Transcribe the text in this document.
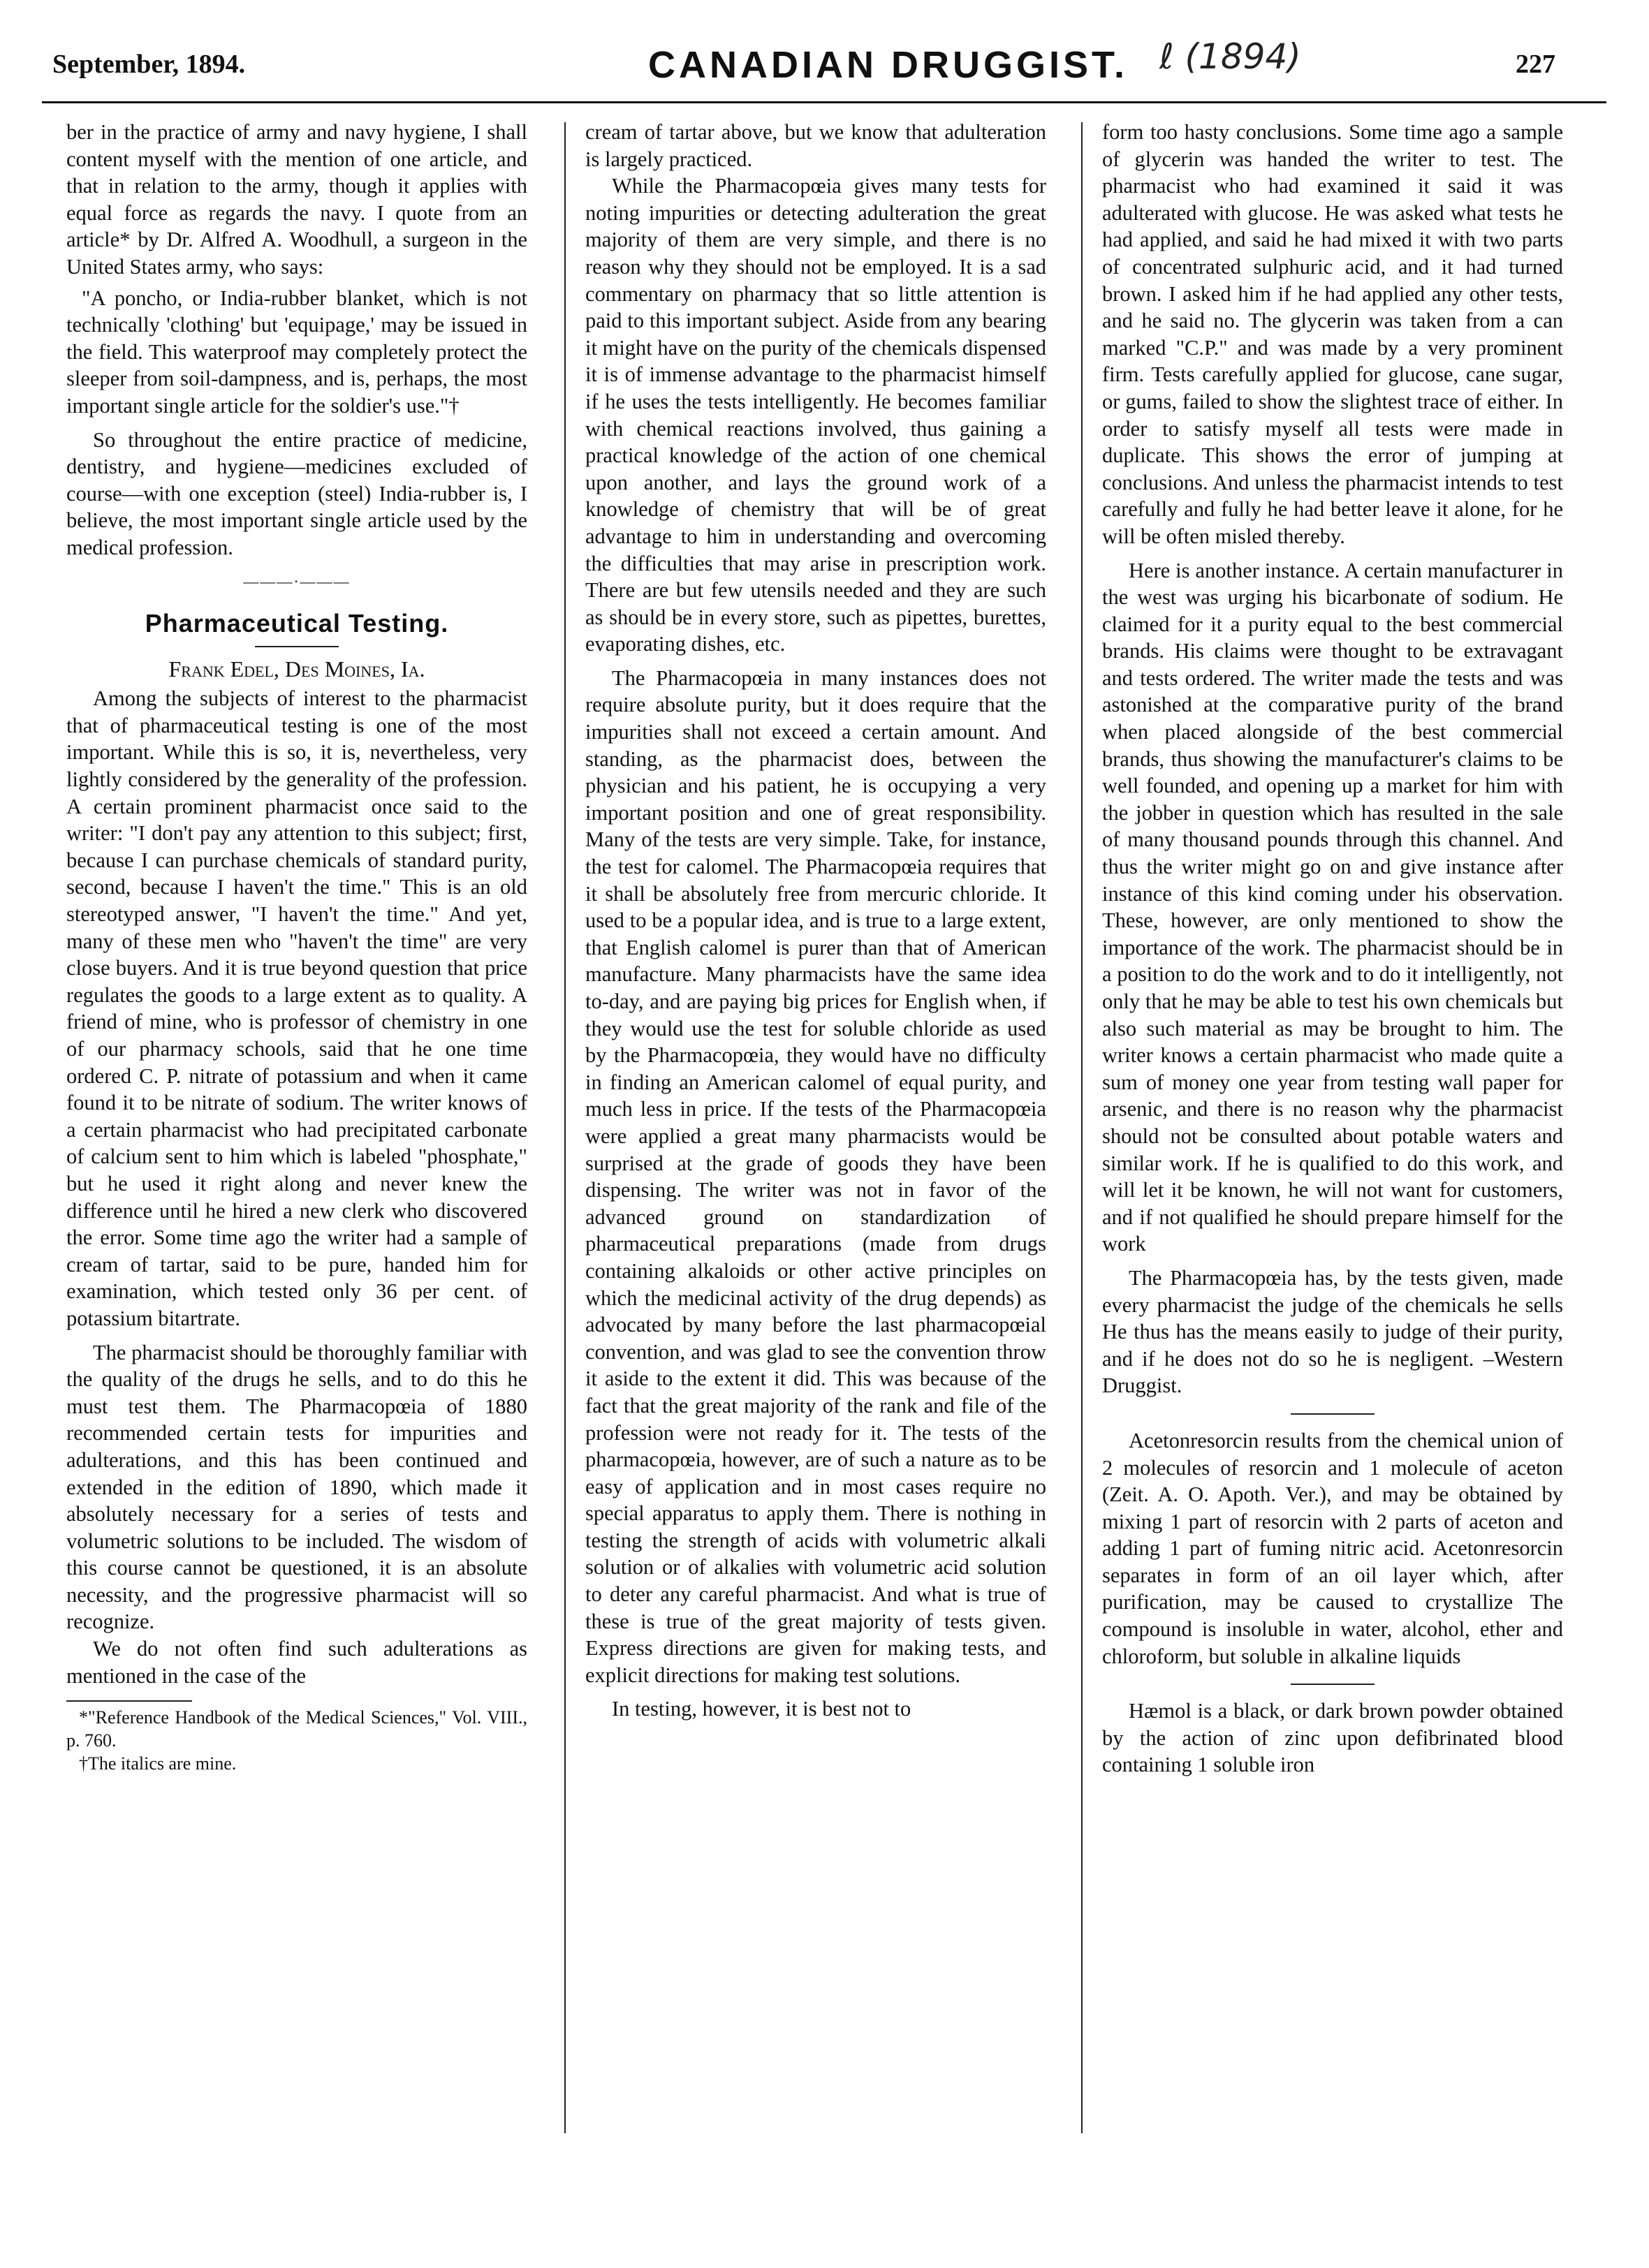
September, 1894.	CANADIAN DRUGGIST. ℓ (1894)	227

ber in the practice of army and navy hygiene, I shall content myself with the mention of one article, and that in relation to the army, though it applies with equal force as regards the navy. I quote from an article* by Dr. Alfred A. Woodhull, a surgeon in the United States army, who says:

"A poncho, or India-rubber blanket, which is not technically 'clothing' but 'equipage,' may be issued in the field. This waterproof may completely protect the sleeper from soil-dampness, and is, perhaps, the most important single article for the soldier's use."†

So throughout the entire practice of medicine, dentistry, and hygiene—medicines excluded of course—with one exception (steel) India-rubber is, I believe, the most important single article used by the medical profession.

———·———
Pharmaceutical Testing.
Frank Edel, Des Moines, Ia.

Among the subjects of interest to the pharmacist that of pharmaceutical testing is one of the most important. While this is so, it is, nevertheless, very lightly considered by the generality of the profession. A certain prominent pharmacist once said to the writer: "I don't pay any attention to this subject; first, because I can purchase chemicals of standard purity, second, because I haven't the time." This is an old stereotyped answer, "I haven't the time." And yet, many of these men who "haven't the time" are very close buyers. And it is true beyond question that price regulates the goods to a large extent as to quality. A friend of mine, who is professor of chemistry in one of our pharmacy schools, said that he one time ordered C. P. nitrate of potassium and when it came found it to be nitrate of sodium. The writer knows of a certain pharmacist who had precipitated carbonate of calcium sent to him which is labeled "phosphate," but he used it right along and never knew the difference until he hired a new clerk who discovered the error. Some time ago the writer had a sample of cream of tartar, said to be pure, handed him for examination, which tested only 36 per cent. of potassium bitartrate.

The pharmacist should be thoroughly familiar with the quality of the drugs he sells, and to do this he must test them. The Pharmacopœia of 1880 recommended certain tests for impurities and adulterations, and this has been continued and extended in the edition of 1890, which made it absolutely necessary for a series of tests and volumetric solutions to be included. The wisdom of this course cannot be questioned, it is an absolute necessity, and the progressive pharmacist will so recognize.

We do not often find such adulterations as mentioned in the case of the

*"Reference Handbook of the Medical Sciences," Vol. VIII., p. 760.

†The italics are mine.

cream of tartar above, but we know that adulteration is largely practiced.

While the Pharmacopœia gives many tests for noting impurities or detecting adulteration the great majority of them are very simple, and there is no reason why they should not be employed. It is a sad commentary on pharmacy that so little attention is paid to this important subject. Aside from any bearing it might have on the purity of the chemicals dispensed it is of immense advantage to the pharmacist himself if he uses the tests intelligently. He becomes familiar with chemical reactions involved, thus gaining a practical knowledge of the action of one chemical upon another, and lays the ground work of a knowledge of chemistry that will be of great advantage to him in understanding and overcoming the difficulties that may arise in prescription work. There are but few utensils needed and they are such as should be in every store, such as pipettes, burettes, evaporating dishes, etc.

The Pharmacopœia in many instances does not require absolute purity, but it does require that the impurities shall not exceed a certain amount. And standing, as the pharmacist does, between the physician and his patient, he is occupying a very important position and one of great responsibility. Many of the tests are very simple. Take, for instance, the test for calomel. The Pharmacopœia requires that it shall be absolutely free from mercuric chloride. It used to be a popular idea, and is true to a large extent, that English calomel is purer than that of American manufacture. Many pharmacists have the same idea to-day, and are paying big prices for English when, if they would use the test for soluble chloride as used by the Pharmacopœia, they would have no difficulty in finding an American calomel of equal purity, and much less in price. If the tests of the Pharmacopœia were applied a great many pharmacists would be surprised at the grade of goods they have been dispensing. The writer was not in favor of the advanced ground on standardization of pharmaceutical preparations (made from drugs containing alkaloids or other active principles on which the medicinal activity of the drug depends) as advocated by many before the last pharmacopœial convention, and was glad to see the convention throw it aside to the extent it did. This was because of the fact that the great majority of the rank and file of the profession were not ready for it. The tests of the pharmacopœia, however, are of such a nature as to be easy of application and in most cases require no special apparatus to apply them. There is nothing in testing the strength of acids with volumetric alkali solution or of alkalies with volumetric acid solution to deter any careful pharmacist. And what is true of these is true of the great majority of tests given. Express directions are given for making tests, and explicit directions for making test solutions.

In testing, however, it is best not to

form too hasty conclusions. Some time ago a sample of glycerin was handed the writer to test. The pharmacist who had examined it said it was adulterated with glucose. He was asked what tests he had applied, and said he had mixed it with two parts of concentrated sulphuric acid, and it had turned brown. I asked him if he had applied any other tests, and he said no. The glycerin was taken from a can marked "C.P." and was made by a very prominent firm. Tests carefully applied for glucose, cane sugar, or gums, failed to show the slightest trace of either. In order to satisfy myself all tests were made in duplicate. This shows the error of jumping at conclusions. And unless the pharmacist intends to test carefully and fully he had better leave it alone, for he will be often misled thereby.

Here is another instance. A certain manufacturer in the west was urging his bicarbonate of sodium. He claimed for it a purity equal to the best commercial brands. His claims were thought to be extravagant and tests ordered. The writer made the tests and was astonished at the comparative purity of the brand when placed alongside of the best commercial brands, thus showing the manufacturer's claims to be well founded, and opening up a market for him with the jobber in question which has resulted in the sale of many thousand pounds through this channel. And thus the writer might go on and give instance after instance of this kind coming under his observation. These, however, are only mentioned to show the importance of the work. The pharmacist should be in a position to do the work and to do it intelligently, not only that he may be able to test his own chemicals but also such material as may be brought to him. The writer knows a certain pharmacist who made quite a sum of money one year from testing wall paper for arsenic, and there is no reason why the pharmacist should not be consulted about potable waters and similar work. If he is qualified to do this work, and will let it be known, he will not want for customers, and if not qualified he should prepare himself for the work

The Pharmacopœia has, by the tests given, made every pharmacist the judge of the chemicals he sells He thus has the means easily to judge of their purity, and if he does not do so he is negligent. –Western Druggist.

Acetonresorcin results from the chemical union of 2 molecules of resorcin and 1 molecule of aceton (Zeit. A. O. Apoth. Ver.), and may be obtained by mixing 1 part of resorcin with 2 parts of aceton and adding 1 part of fuming nitric acid. Acetonresorcin separates in form of an oil layer which, after purification, may be caused to crystallize The compound is insoluble in water, alcohol, ether and chloroform, but soluble in alkaline liquids

Hæmol is a black, or dark brown powder obtained by the action of zinc upon defibrinated blood containing 1 soluble iron
